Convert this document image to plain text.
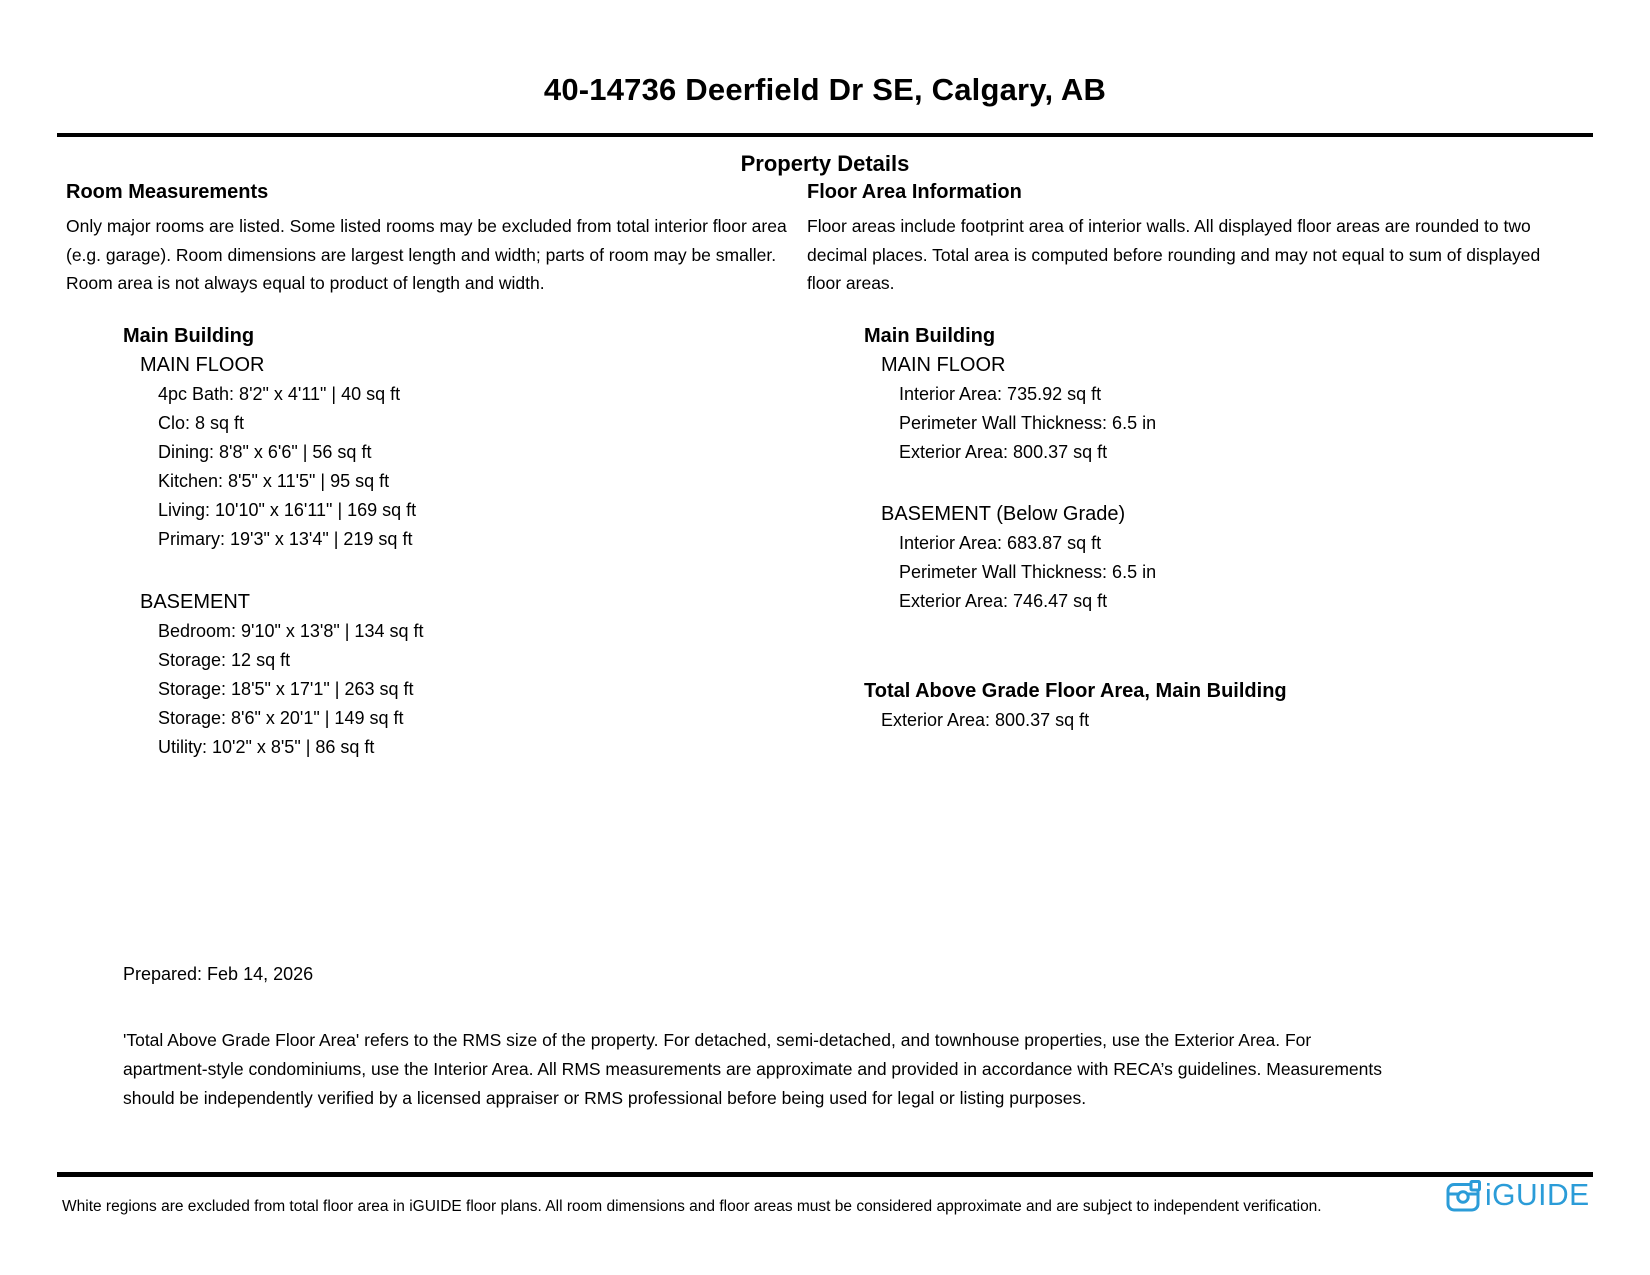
40-14736 Deerfield Dr SE, Calgary, AB
Property Details
Room Measurements
Only major rooms are listed. Some listed rooms may be excluded from total interior floor area
(e.g. garage). Room dimensions are largest length and width; parts of room may be smaller.
Room area is not always equal to product of length and width.
Main Building
MAIN FLOOR
4pc Bath: 8'2" x 4'11" | 40 sq ft
Clo: 8 sq ft
Dining: 8'8" x 6'6" | 56 sq ft
Kitchen: 8'5" x 11'5" | 95 sq ft
Living: 10'10" x 16'11" | 169 sq ft
Primary: 19'3" x 13'4" | 219 sq ft
BASEMENT
Bedroom: 9'10" x 13'8" | 134 sq ft
Storage: 12 sq ft
Storage: 18'5" x 17'1" | 263 sq ft
Storage: 8'6" x 20'1" | 149 sq ft
Utility: 10'2" x 8'5" | 86 sq ft
Floor Area Information
Floor areas include footprint area of interior walls. All displayed floor areas are rounded to two
decimal places. Total area is computed before rounding and may not equal to sum of displayed
floor areas.
Main Building
MAIN FLOOR
Interior Area: 735.92 sq ft
Perimeter Wall Thickness: 6.5 in
Exterior Area: 800.37 sq ft
BASEMENT (Below Grade)
Interior Area: 683.87 sq ft
Perimeter Wall Thickness: 6.5 in
Exterior Area: 746.47 sq ft
Total Above Grade Floor Area, Main Building
Exterior Area: 800.37 sq ft
Prepared: Feb 14, 2026
'Total Above Grade Floor Area' refers to the RMS size of the property. For detached, semi-detached, and townhouse properties, use the Exterior Area. For
apartment-style condominiums, use the Interior Area. All RMS measurements are approximate and provided in accordance with RECA’s guidelines. Measurements
should be independently verified by a licensed appraiser or RMS professional before being used for legal or listing purposes.
White regions are excluded from total floor area in iGUIDE floor plans. All room dimensions and floor areas must be considered approximate and are subject to independent verification.	iGUIDE
